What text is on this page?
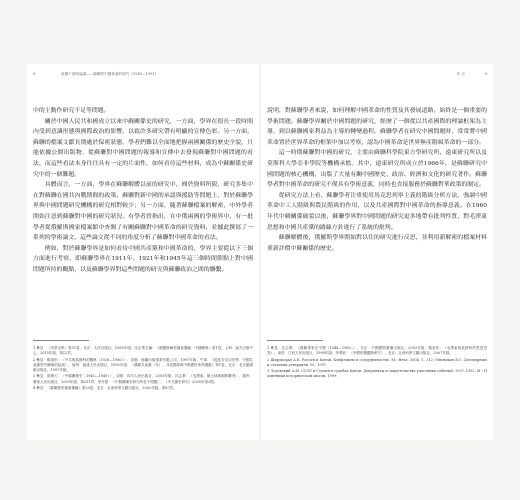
8	政權干預與協調——蘇聯對中國革命的研究（1945—1991）

中的主動作研究不足等問題。

關於中國人民共和國成立以來中蘇關係史的研究，一方面，學界在很長一段時間內受到意識形態與國際政治的影響，以致許多研究帶有明顯的宣傳色彩。另一方面，蘇聯的檔案文獻長期處於保密狀態，學者們難以全面地把握兩國關係的歷史全貌，只能依據公開出版物，從蘇聯對中國問題的報導和宣傳中去發現蘇聯對中國問題的看法，而這些看法本身往往具有一定的片面性，如何看待這些材料，成為中蘇關係史研究中的一個難題。

具體而言，一方面，學界在蘇聯解體以前的研究中，囿於資料所限，研究多集中在對蘇聯在國共內戰期間的政策、蘇聯對新中國的承認與援助等問題上，對於蘇聯學界與中國問題研究機構的研究相對較少；另一方面，隨著蘇聯檔案的解密，中外學者開始注意到蘇聯對中國的研究狀況。有學者曾指出，在中俄兩國的學術界中，有一批學者從俄羅斯國家檔案館中查閱了有關蘇聯對中國革命的研究資料，並據此撰寫了一系列的學術論文，這些論文從不同的角度分析了蘇聯對中國革命的看法。

例如，對於蘇聯學界是如何看待中國共產黨和中國革命的，學界主要從以下三個方面進行考察，即蘇聯學界在1911年、1921年和1945年這三個時間節點上對中國問題所持的觀點，以及蘇聯學界對這些問題的研究與蘇聯政治之間的聯繫。

1 參見：《列寧全集》第31卷，北京：人民出版社，1985年版；沈志華主編：《俄羅斯解密檔案選編：中蘇關係》第1卷，上海：東方出版中心，2015年版，第12頁。

2 參見：楊奎松：《中共與莫斯科的關係（1920—1960）》，香港：海嘯出版事業有限公司，1997年版；牛軍：《從延安走向世界：中國共產黨對外關係的起源》，福州：福建人民出版社，1992年版；《蘇聯共產黨（布）、共產國際與中國國民革命運動》第1卷，北京：北京圖書館出版社，1997年版。

3 參見：薛銜天：《中蘇關係史（1945—1949）》，成都：四川人民出版社，2003年版；沈志華：《毛澤東、斯大林與朝鮮戰爭》，廣州：廣東人民出版社，2003年版，第231頁；李丹慧：《中蘇關係史研究的若干問題》，《中共黨史研究》2005年第2期。

4 參見：《蘇聯歷史檔案選編》第20卷，北京：社會科學文獻出版社，2002年版，第87頁。

序 言	9

說明，對蘇聯學者來說，如何理解中國革命的性質及其發展道路，始終是一個重要的學術問題。蘇聯學界關於中國問題的研究，經歷了一個從以共產國際的理論框架為主導，到以蘇聯國家利益為主導的轉變過程。蘇聯學者在研究中國問題時，常常將中國革命置於世界革命的框架中加以考察，認為中國革命是世界無產階級革命的一部分。

這一時期蘇聯對中國的研究，主要由蘇聯科學院東方學研究所、遠東研究所以及莫斯科大學亞非學院等機構承擔。其中，遠東研究所成立於1966年，是蘇聯研究中國問題的核心機構，出版了大量有關中國歷史、政治、經濟和文化的研究著作。蘇聯學者對中國革命的研究不僅具有學術意義，同時也直接服務於蘇聯對華政策的制定。

從研究方法上看，蘇聯學者注重使用馬克思列寧主義的階級分析方法，強調中國革命中工人階級與農民階級的作用，以及共產國際對中國革命的指導意義。在1960年代中蘇關係破裂以後，蘇聯學界對中國問題的研究更多地帶有批判性質，對毛澤東思想和中國共產黨的路線方針進行了系統的批判。

蘇聯解體後，俄羅斯學界開始對以往的研究進行反思，並利用新解密的檔案材料重新評價中蘇關係的歷史。

1 參見：沈志華：《蘇聯專家在中國（1948—1960）》，北京：中國國際廣播出版社，2003年版；楊奎松：《毛澤東與莫斯科的恩恩怨怨》，南昌：江西人民出版社，1999年版；李華鈺：《中國的俄羅斯研究》，北京：社會科學文獻出版社，2007年版。

2 Широкорад А.Б. Россия и Китай. Конфликты и сотрудничество. М.: Вече, 2004. С. 312; Мясников В.С. Договорными статьями утвердили. М., 1997.

3 Ледовский А.М. СССР и Сталин в судьбах Китая. Документы и свидетельства участника событий: 1937–1952. М.: Памятники исторической мысли, 1999.
